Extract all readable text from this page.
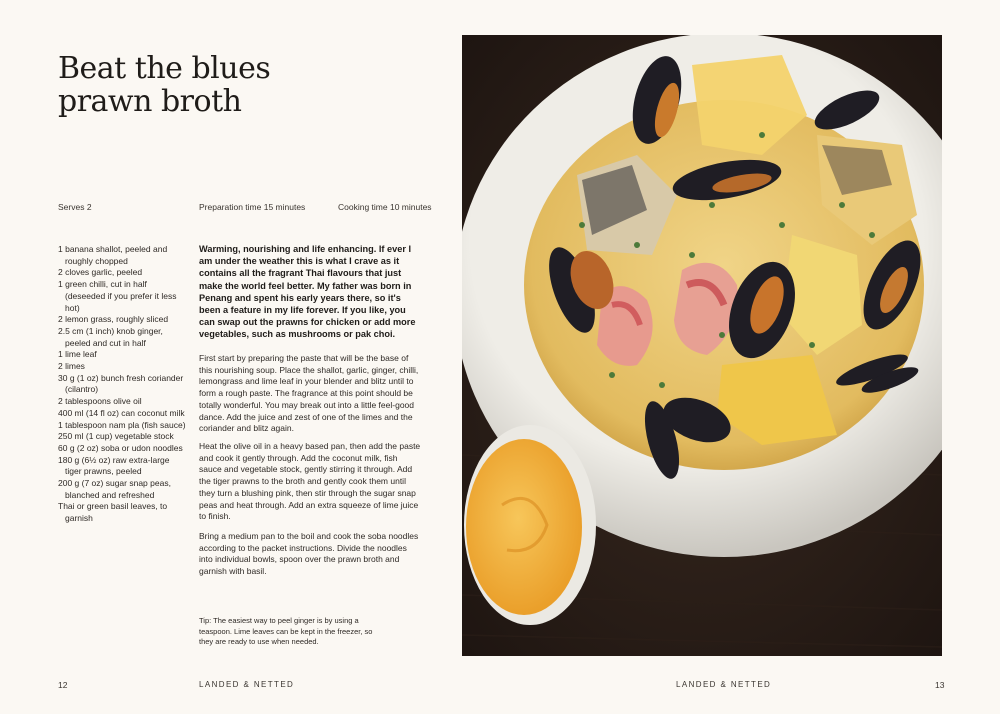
Beat the blues
prawn broth
Serves 2	Preparation time 15 minutes	Cooking time 10 minutes
1 banana shallot, peeled and roughly chopped
2 cloves garlic, peeled
1 green chilli, cut in half (deseeded if you prefer it less hot)
2 lemon grass, roughly sliced
2.5 cm (1 inch) knob ginger, peeled and cut in half
1 lime leaf
2 limes
30 g (1 oz) bunch fresh coriander (cilantro)
2 tablespoons olive oil
400 ml (14 fl oz) can coconut milk
1 tablespoon nam pla (fish sauce)
250 ml (1 cup) vegetable stock
60 g (2 oz) soba or udon noodles
180 g (6½ oz) raw extra-large tiger prawns, peeled
200 g (7 oz) sugar snap peas, blanched and refreshed
Thai or green basil leaves, to garnish

Warming, nourishing and life enhancing. If ever I am under the weather this is what I crave as it contains all the fragrant Thai flavours that just make the world feel better. My father was born in Penang and spent his early years there, so it's been a feature in my life forever. If you like, you can swap out the prawns for chicken or add more vegetables, such as mushrooms or pak choi.

First start by preparing the paste that will be the base of this nourishing soup. Place the shallot, garlic, ginger, chilli, lemongrass and lime leaf in your blender and blitz until to form a rough paste. The fragrance at this point should be totally wonderful. You may break out into a little feel-good dance. Add the juice and zest of one of the limes and the coriander and blitz again.

Heat the olive oil in a heavy based pan, then add the paste and cook it gently through. Add the coconut milk, fish sauce and vegetable stock, gently stirring it through. Add the tiger prawns to the broth and gently cook them until they turn a blushing pink, then stir through the sugar snap peas and heat through. Add an extra squeeze of lime juice to finish.

Bring a medium pan to the boil and cook the soba noodles according to the packet instructions. Divide the noodles into individual bowls, spoon over the prawn broth and garnish with basil.

Tip: The easiest way to peel ginger is by using a teaspoon. Lime leaves can be kept in the freezer, so they are ready to use when needed.

12	LANDED & NETTED	LANDED & NETTED	13
